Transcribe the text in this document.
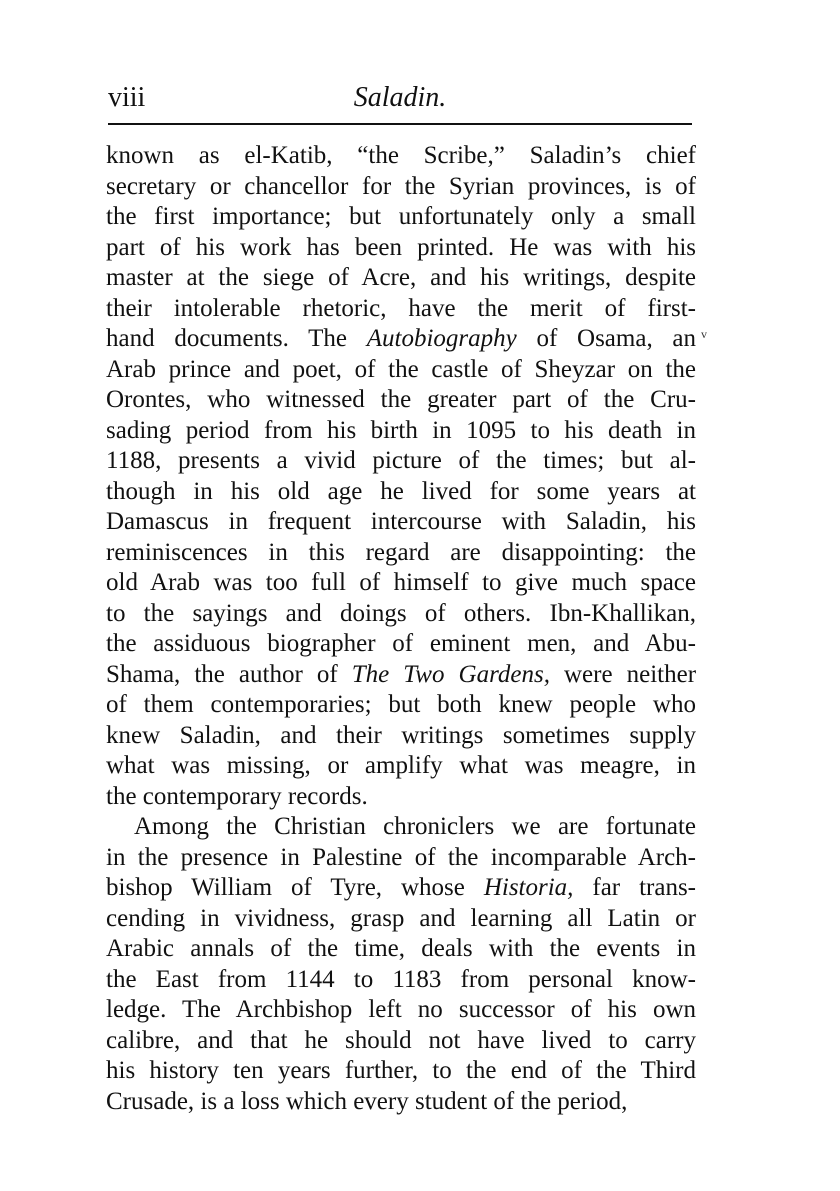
viii	Saladin.
v
known as el-Katib, “the Scribe,” Saladin’s chief
secretary or chancellor for the Syrian provinces, is of
the first importance; but unfortunately only a small
part of his work has been printed. He was with his
master at the siege of Acre, and his writings, despite
their intolerable rhetoric, have the merit of first-
hand documents. The Autobiography of Osama, an
Arab prince and poet, of the castle of Sheyzar on the
Orontes, who witnessed the greater part of the Cru-
sading period from his birth in 1095 to his death in
1188, presents a vivid picture of the times; but al-
though in his old age he lived for some years at
Damascus in frequent intercourse with Saladin, his
reminiscences in this regard are disappointing: the
old Arab was too full of himself to give much space
to the sayings and doings of others. Ibn-Khallikan,
the assiduous biographer of eminent men, and Abu-
Shama, the author of The Two Gardens, were neither
of them contemporaries; but both knew people who
knew Saladin, and their writings sometimes supply
what was missing, or amplify what was meagre, in
the contemporary records.
Among the Christian chroniclers we are fortunate
in the presence in Palestine of the incomparable Arch-
bishop William of Tyre, whose Historia, far trans-
cending in vividness, grasp and learning all Latin or
Arabic annals of the time, deals with the events in
the East from 1144 to 1183 from personal know-
ledge. The Archbishop left no successor of his own
calibre, and that he should not have lived to carry
his history ten years further, to the end of the Third
Crusade, is a loss which every student of the period,
